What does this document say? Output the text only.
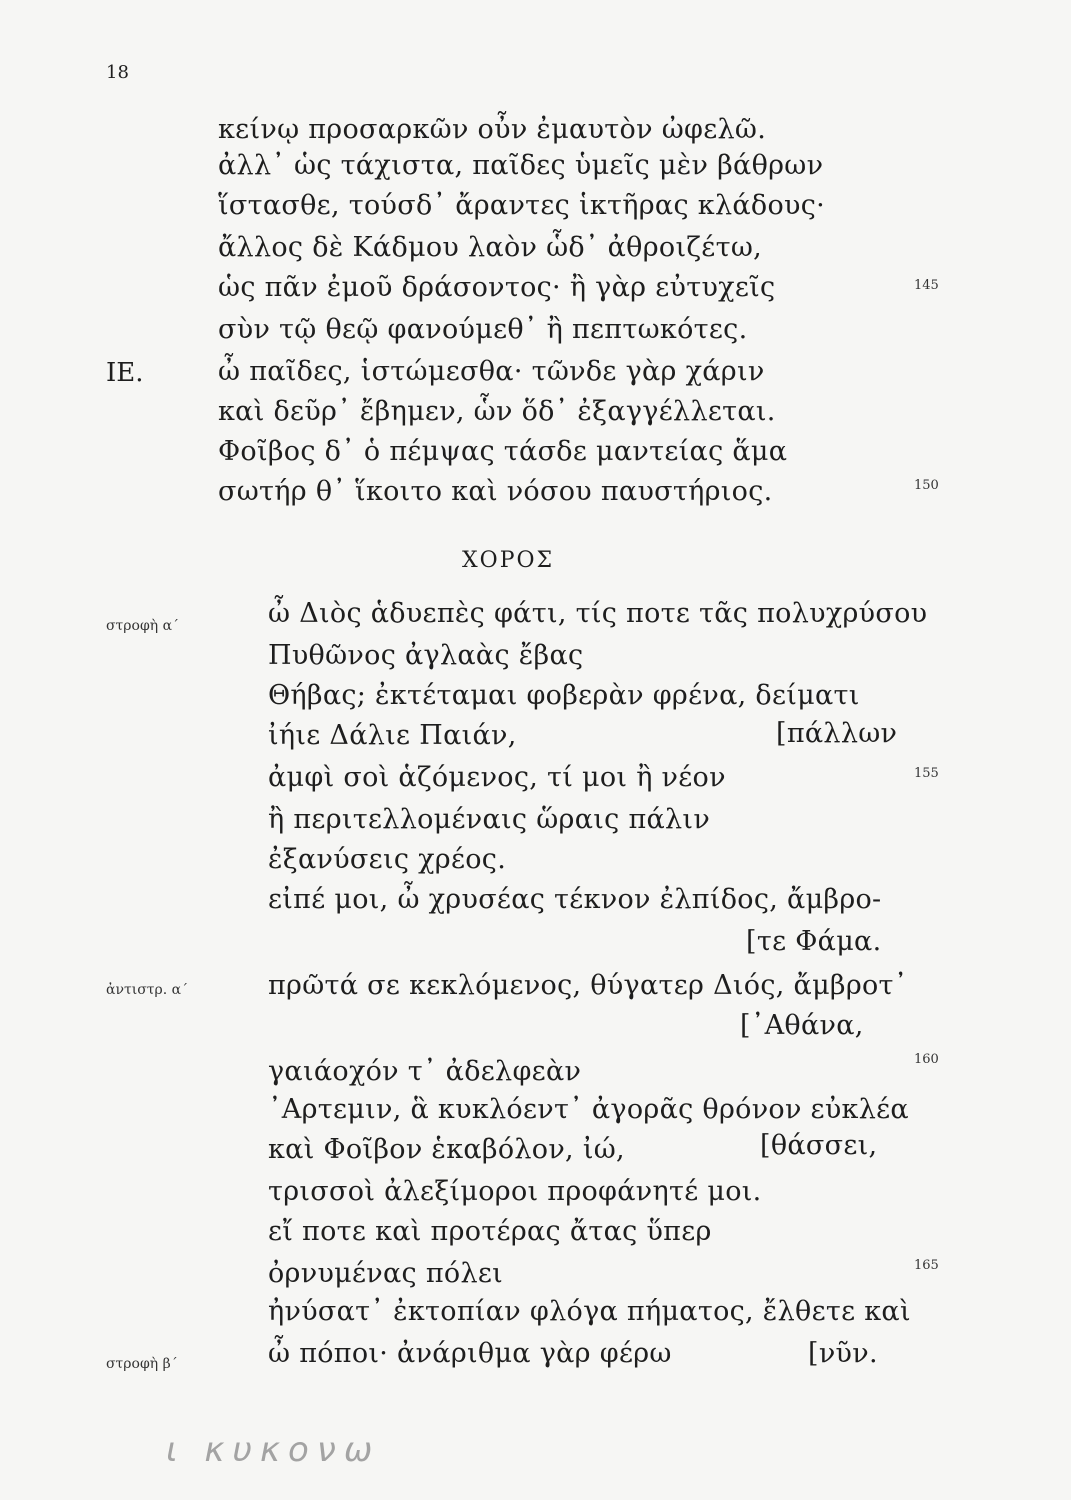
18
κείνῳ προσαρκῶν οὖν ἐμαυτὸν ὠφελῶ.
ἀλλ᾽ ὡς τάχιστα, παῖδες ὑμεῖς μὲν βάθρων
ἵστασθε, τούσδ᾽ ἄραντες ἱκτῆρας κλάδους·
ἄλλος δὲ Κάδμου λαὸν ὧδ᾽ ἀθροιζέτω,
ὡς πᾶν ἐμοῦ δράσοντος· ἢ γὰρ εὐτυχεῖς	145
σὺν τῷ θεῷ φανούμεθ᾽ ἢ πεπτωκότες.
IE.	ὦ παῖδες, ἱστώμεσθα· τῶνδε γὰρ χάριν
καὶ δεῦρ᾽ ἔβημεν, ὧν ὅδ᾽ ἐξαγγέλλεται.
Φοῖβος δ᾽ ὁ πέμψας τάσδε μαντείας ἅμα
σωτήρ θ᾽ ἵκοιτο καὶ νόσου παυστήριος.	150
ΧΟΡΟΣ
στροφὴ α΄	ὦ Διὸς ἁδυεπὲς φάτι, τίς ποτε τᾶς πολυχρύσου
Πυθῶνος ἀγλαὰς ἔβας
Θήβας; ἐκτέταμαι φοβερὰν φρένα, δείματι
ἰήιε Δάλιε Παιάν,	[πάλλων
ἀμφὶ σοὶ ἁζόμενος, τί μοι ἢ νέον	155
ἢ περιτελλομέναις ὥραις πάλιν
ἐξανύσεις χρέος.
εἰπέ μοι, ὦ χρυσέας τέκνον ἐλπίδος, ἄμβρο-
[τε Φάμα.
ἀντιστρ. α΄	πρῶτά σε κεκλόμενος, θύγατερ Διός, ἄμβροτ᾽
[᾽Αθάνα,
γαιάοχόν τ᾽ ἀδελφεὰν	160
᾽Αρτεμιν, ἃ κυκλόεντ᾽ ἀγορᾶς θρόνον εὐκλέα
καὶ Φοῖβον ἑκαβόλον, ἰώ,	[θάσσει,
τρισσοὶ ἀλεξίμοροι προφάνητέ μοι.
εἴ ποτε καὶ προτέρας ἄτας ὕπερ
ὀρνυμένας πόλει	165
ἠνύσατ᾽ ἐκτοπίαν φλόγα πήματος, ἔλθετε καὶ
στροφὴ β΄	ὦ πόποι· ἀνάριθμα γὰρ φέρω	[νῦν.
ι κυκονω
